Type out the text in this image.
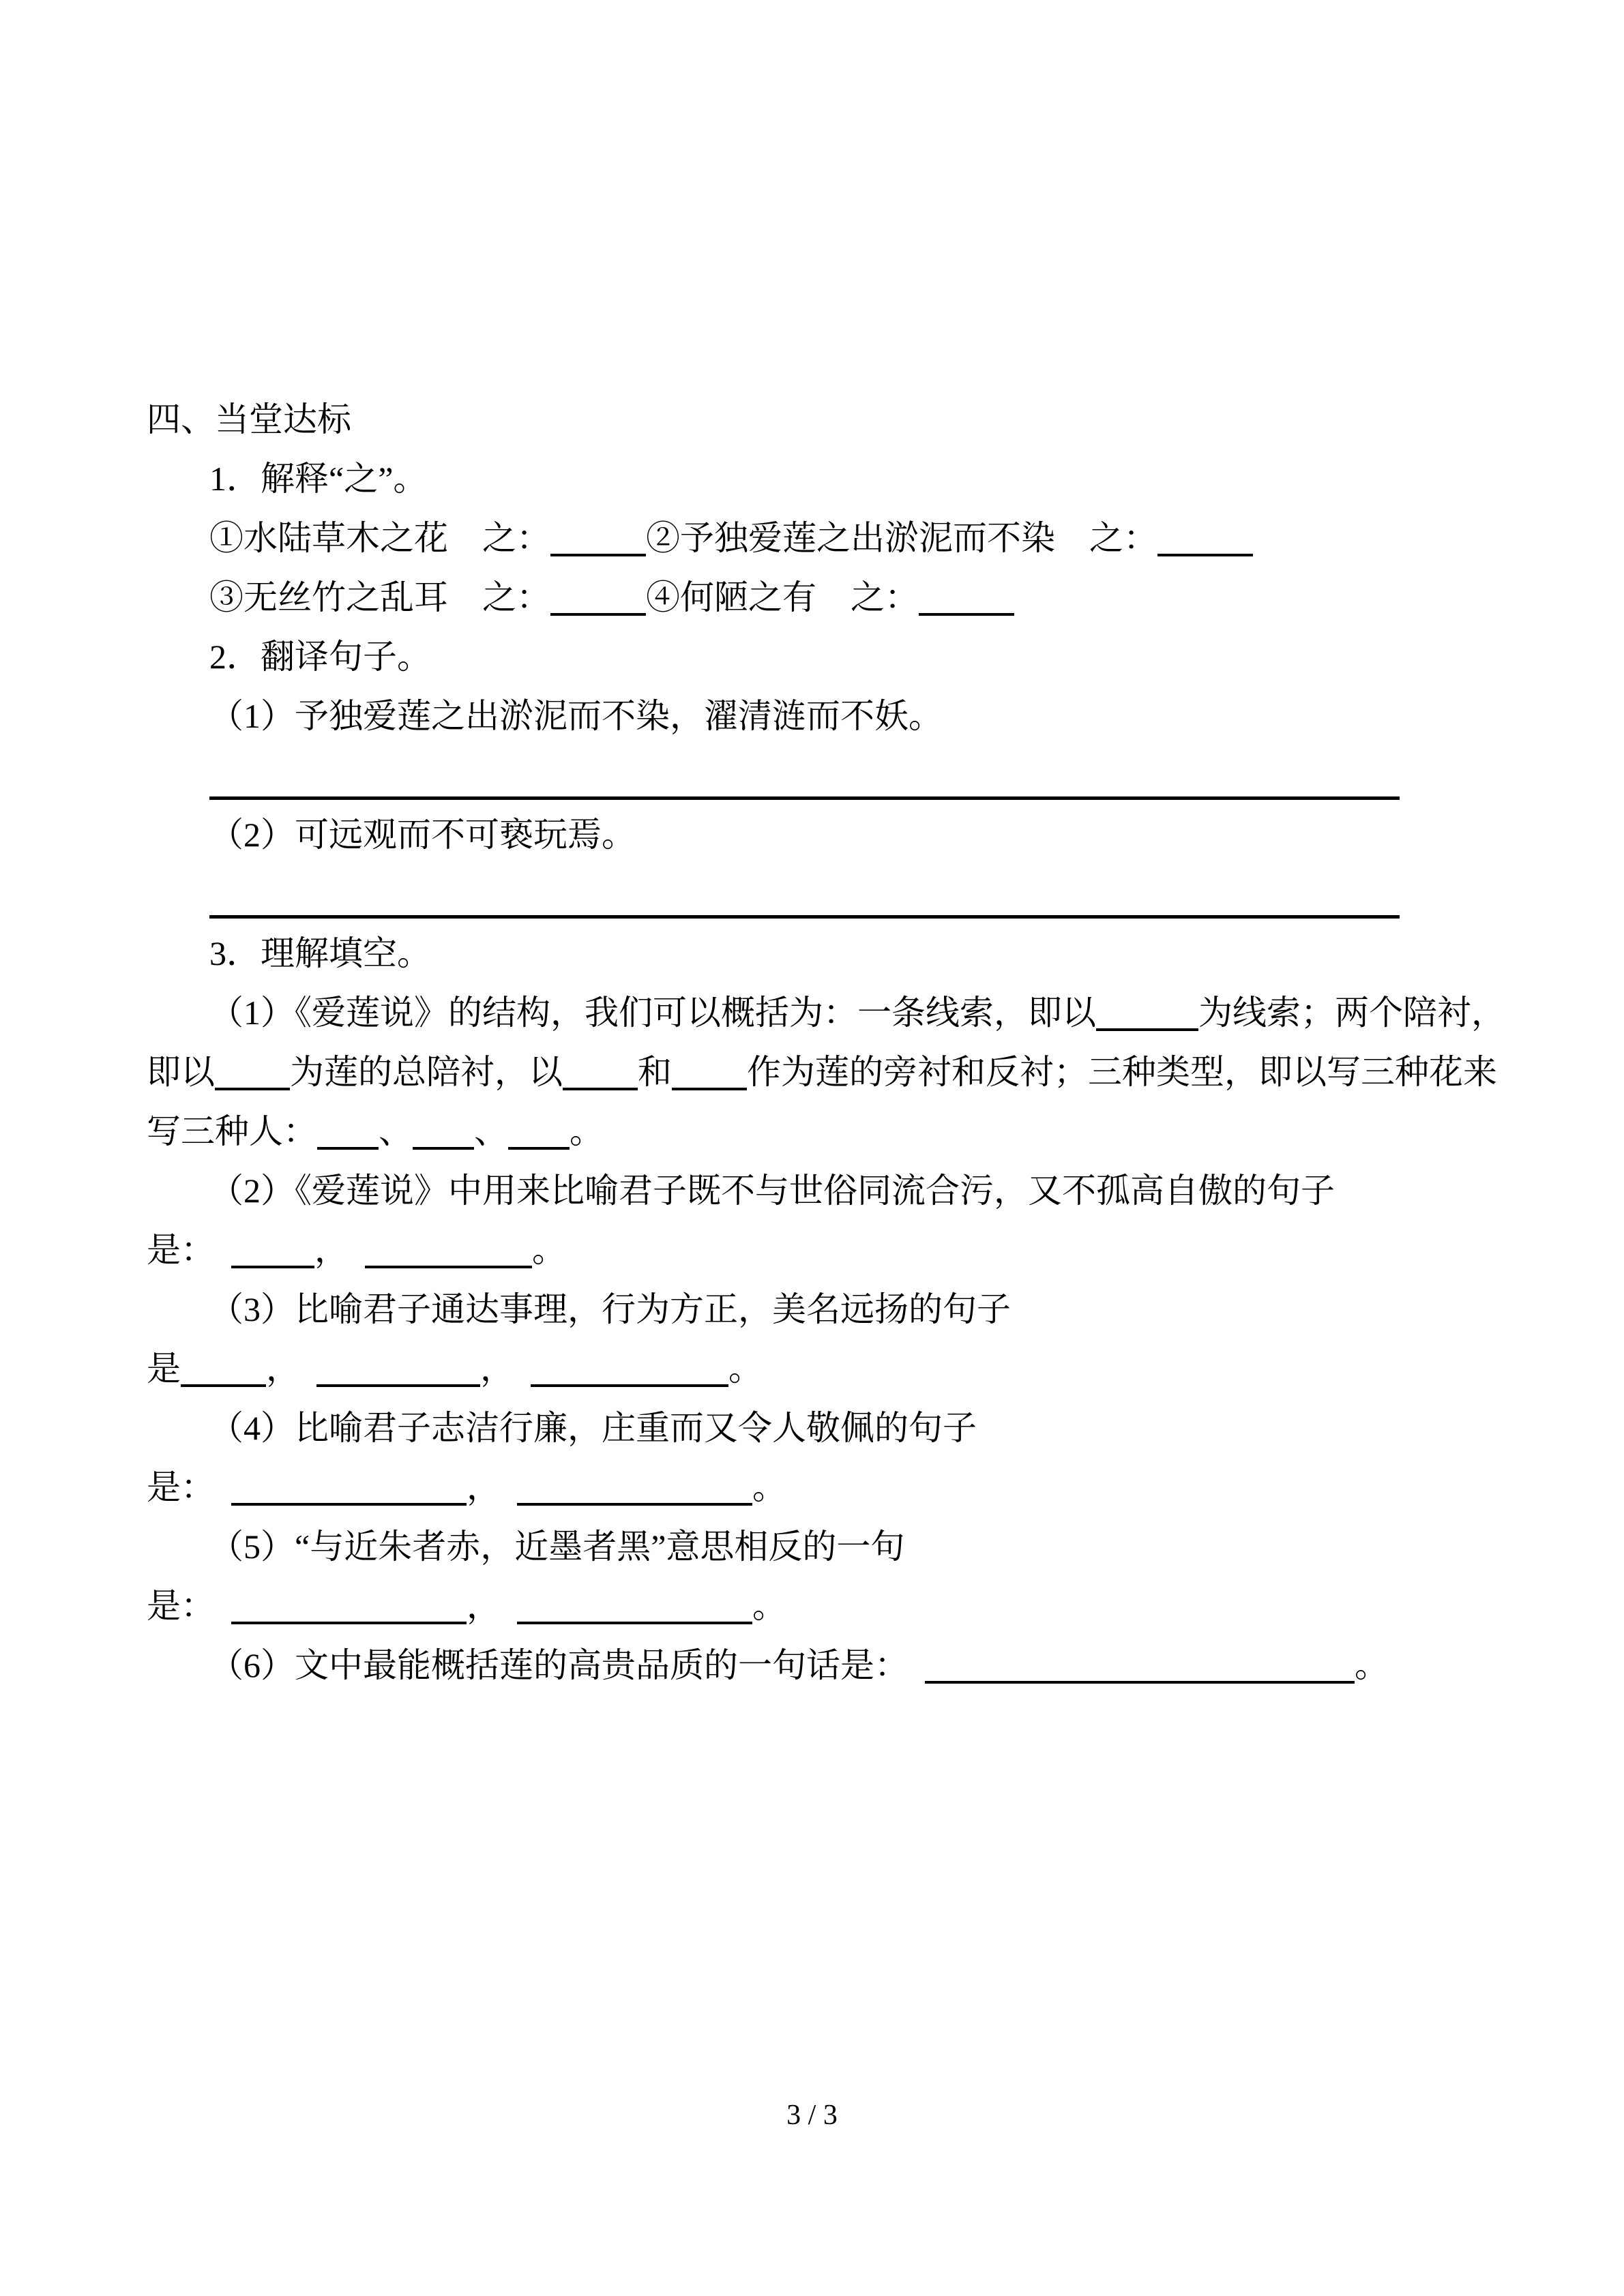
四、当堂达标
1．解释“之”。
①水陆草木之花　之：	②予独爱莲之出淤泥而不染　之：
③无丝竹之乱耳　之：	④何陋之有　之：
2．翻译句子。
（1）予独爱莲之出淤泥而不染，濯清涟而不妖。
（2）可远观而不可亵玩焉。
3．理解填空。
（1）《爱莲说》的结构，我们可以概括为：一条线索，即以	为线索；两个陪衬，
即以 为莲的总陪衬，以 和 作为莲的旁衬和反衬；三种类型，即以写三种花来
写三种人： 、 、 。
（2）《爱莲说》中用来比喻君子既不与世俗同流合污，又不孤高自傲的句子
是：	，	。
（3）比喻君子通达事理，行为方正，美名远扬的句子
是	，	，	。
（4）比喻君子志洁行廉，庄重而又令人敬佩的句子
是：	，	。
（5）“与近朱者赤，近墨者黑”意思相反的一句
是：	，	。
（6）文中最能概括莲的高贵品质的一句话是：	。
3 / 3
